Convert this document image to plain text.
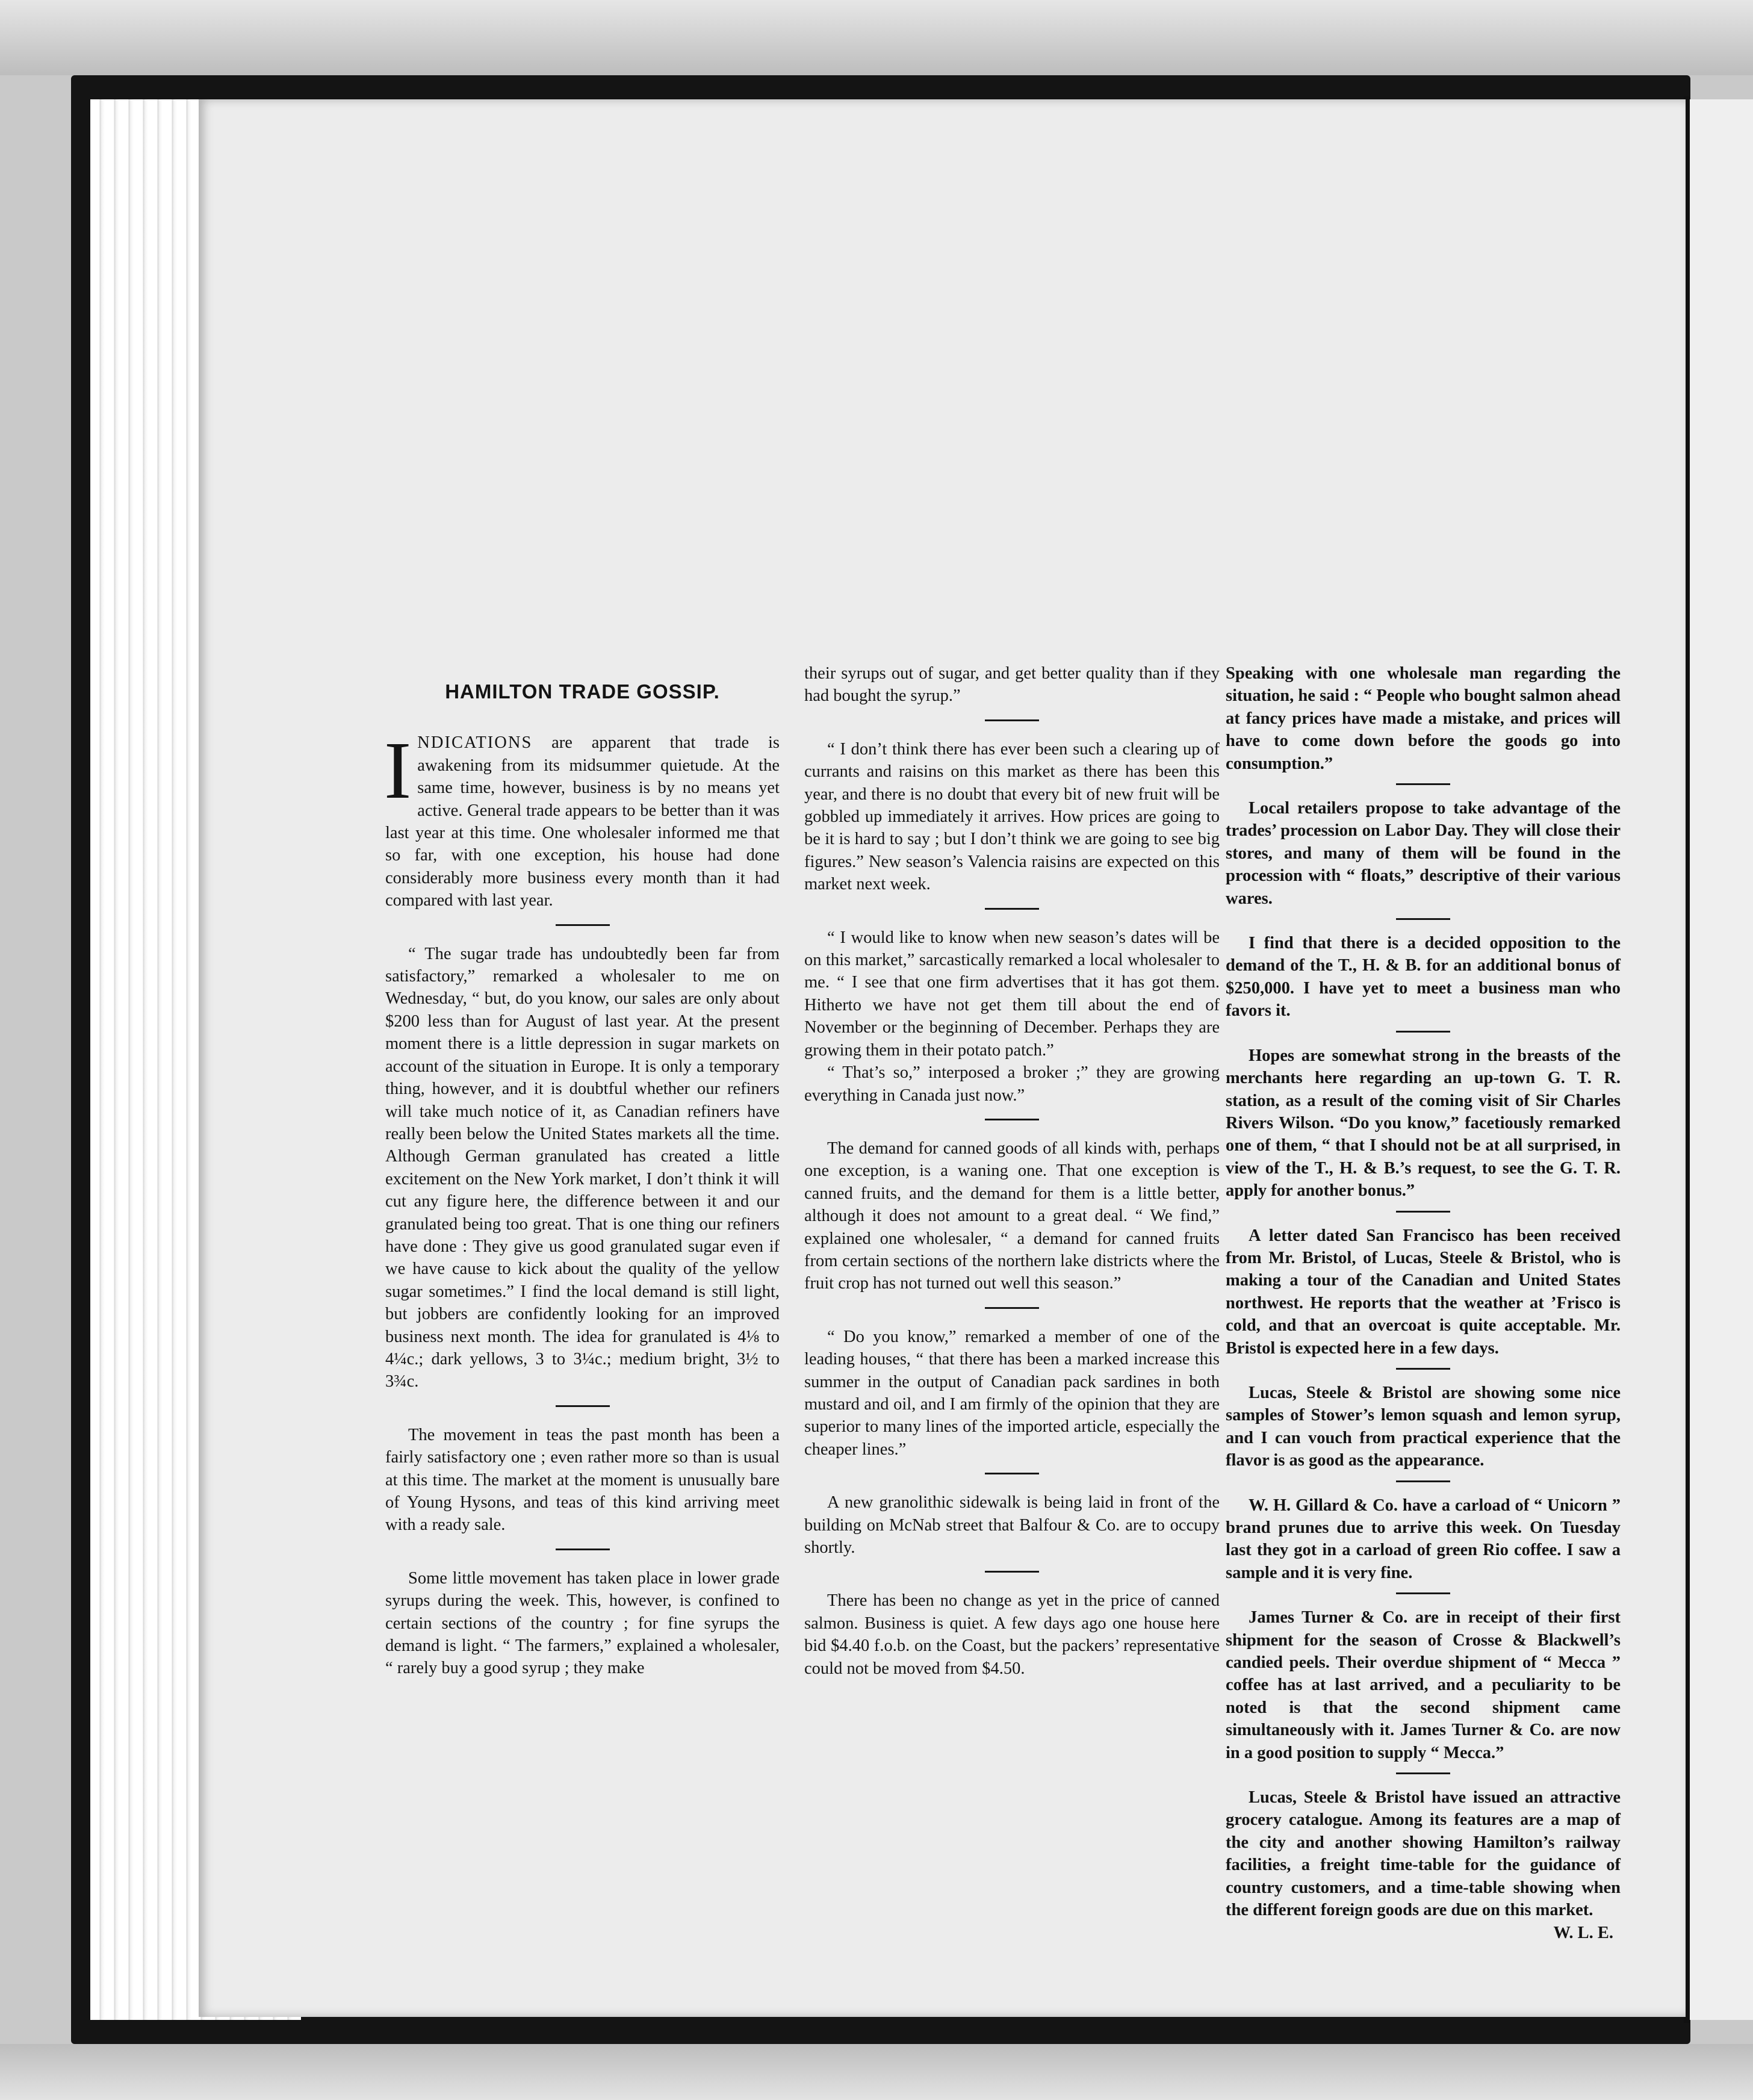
HAMILTON TRADE GOSSIP.

INDICATIONS are apparent that trade is awakening from its midsummer quietude. At the same time, however, business is by no means yet active. General trade appears to be better than it was last year at this time. One wholesaler informed me that so far, with one exception, his house had done considerably more business every month than it had compared with last year.

“ The sugar trade has undoubtedly been far from satisfactory,” remarked a wholesaler to me on Wednesday, “ but, do you know, our sales are only about $200 less than for August of last year. At the present moment there is a little depression in sugar markets on account of the situation in Europe. It is only a temporary thing, however, and it is doubtful whether our refiners will take much notice of it, as Canadian refiners have really been below the United States markets all the time. Although German granulated has created a little excitement on the New York market, I don’t think it will cut any figure here, the difference between it and our granulated being too great. That is one thing our refiners have done : They give us good granulated sugar even if we have cause to kick about the quality of the yellow sugar sometimes.” I find the local demand is still light, but jobbers are confidently looking for an improved business next month. The idea for granulated is 4⅛ to 4¼c.; dark yellows, 3 to 3¼c.; medium bright, 3½ to 3¾c.

The movement in teas the past month has been a fairly satisfactory one ; even rather more so than is usual at this time. The market at the moment is unusually bare of Young Hysons, and teas of this kind arriving meet with a ready sale.

Some little movement has taken place in lower grade syrups during the week. This, however, is confined to certain sections of the country ; for fine syrups the demand is light. “ The farmers,” explained a wholesaler, “ rarely buy a good syrup ; they make

their syrups out of sugar, and get better quality than if they had bought the syrup.”

“ I don’t think there has ever been such a clearing up of currants and raisins on this market as there has been this year, and there is no doubt that every bit of new fruit will be gobbled up immediately it arrives. How prices are going to be it is hard to say ; but I don’t think we are going to see big figures.” New season’s Valencia raisins are expected on this market next week.

“ I would like to know when new season’s dates will be on this market,” sarcastically remarked a local wholesaler to me. “ I see that one firm advertises that it has got them. Hitherto we have not get them till about the end of November or the beginning of December. Perhaps they are growing them in their potato patch.”

“ That’s so,” interposed a broker ;” they are growing everything in Canada just now.”

The demand for canned goods of all kinds with, perhaps one exception, is a waning one. That one exception is canned fruits, and the demand for them is a little better, although it does not amount to a great deal. “ We find,” explained one wholesaler, “ a demand for canned fruits from certain sections of the northern lake districts where the fruit crop has not turned out well this season.”

“ Do you know,” remarked a member of one of the leading houses, “ that there has been a marked increase this summer in the output of Canadian pack sardines in both mustard and oil, and I am firmly of the opinion that they are superior to many lines of the imported article, especially the cheaper lines.”

A new granolithic sidewalk is being laid in front of the building on McNab street that Balfour & Co. are to occupy shortly.

There has been no change as yet in the price of canned salmon. Business is quiet. A few days ago one house here bid $4.40 f.o.b. on the Coast, but the packers’ representative could not be moved from $4.50.

Speaking with one wholesale man regarding the situation, he said : “ People who bought salmon ahead at fancy prices have made a mistake, and prices will have to come down before the goods go into consumption.”

Local retailers propose to take advantage of the trades’ procession on Labor Day. They will close their stores, and many of them will be found in the procession with “ floats,” descriptive of their various wares.

I find that there is a decided opposition to the demand of the T., H. & B. for an additional bonus of $250,000. I have yet to meet a business man who favors it.

Hopes are somewhat strong in the breasts of the merchants here regarding an up-town G. T. R. station, as a result of the coming visit of Sir Charles Rivers Wilson. “Do you know,” facetiously remarked one of them, “ that I should not be at all surprised, in view of the T., H. & B.’s request, to see the G. T. R. apply for another bonus.”

A letter dated San Francisco has been received from Mr. Bristol, of Lucas, Steele & Bristol, who is making a tour of the Canadian and United States northwest. He reports that the weather at ’Frisco is cold, and that an overcoat is quite acceptable. Mr. Bristol is expected here in a few days.

Lucas, Steele & Bristol are showing some nice samples of Stower’s lemon squash and lemon syrup, and I can vouch from practical experience that the flavor is as good as the appearance.

W. H. Gillard & Co. have a carload of “ Unicorn ” brand prunes due to arrive this week. On Tuesday last they got in a carload of green Rio coffee. I saw a sample and it is very fine.

James Turner & Co. are in receipt of their first shipment for the season of Crosse & Blackwell’s candied peels. Their overdue shipment of “ Mecca ” coffee has at last arrived, and a peculiarity to be noted is that the second shipment came simultaneously with it. James Turner & Co. are now in a good position to supply “ Mecca.”

Lucas, Steele & Bristol have issued an attractive grocery catalogue. Among its features are a map of the city and another showing Hamilton’s railway facilities, a freight time-table for the guidance of country customers, and a time-table showing when the different foreign goods are due on this market.
W. L. E.
